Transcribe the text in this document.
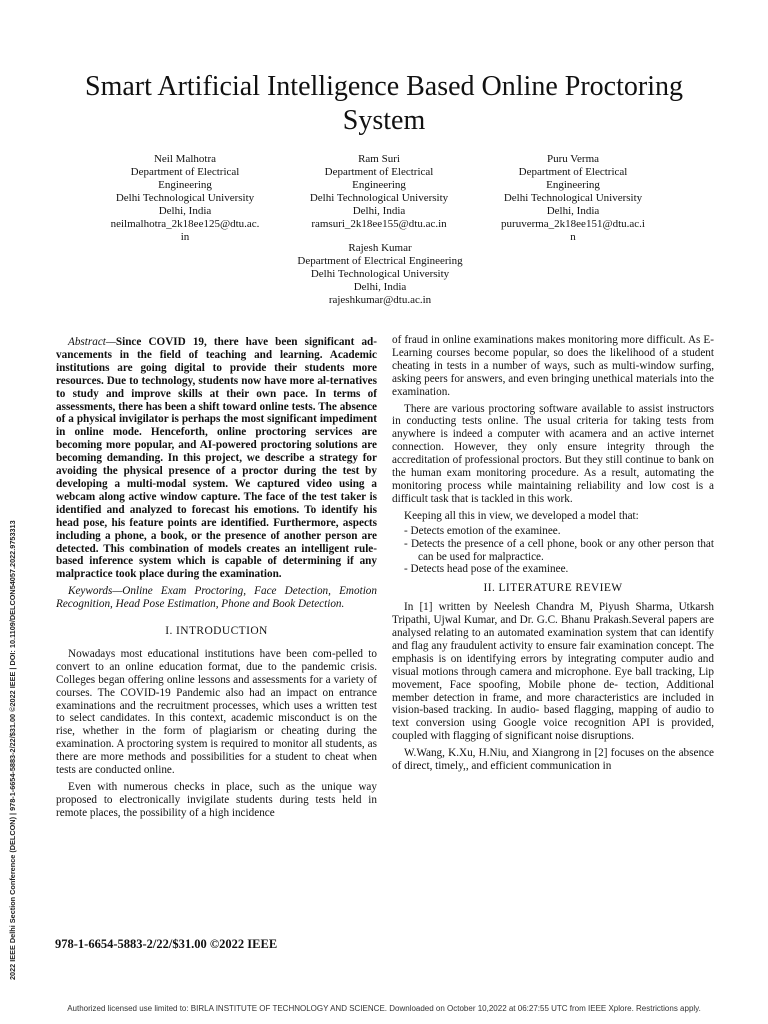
Smart Artificial Intelligence Based Online Proctoring System
Neil Malhotra
Department of Electrical
Engineering
Delhi Technological University
Delhi, India
neilmalhotra_2k18ee125@dtu.ac.
in
Ram Suri
Department of Electrical
Engineering
Delhi Technological University
Delhi, India
ramsuri_2k18ee155@dtu.ac.in
Puru Verma
Department of Electrical
Engineering
Delhi Technological University
Delhi, India
puruverma_2k18ee151@dtu.ac.i
n
Rajesh Kumar
Department of Electrical Engineering
Delhi Technological University
Delhi, India
rajeshkumar@dtu.ac.in

Abstract—Since COVID 19, there have been significant ad-vancements in the field of teaching and learning. Academic institutions are going digital to provide their students more resources. Due to technology, students now have more al-ternatives to study and improve skills at their own pace. In terms of assessments, there has been a shift toward online tests. The absence of a physical invigilator is perhaps the most significant impediment in online mode. Henceforth, online proctoring services are becoming more popular, and AI-powered proctoring solutions are becoming demanding. In this project, we describe a strategy for avoiding the physical presence of a proctor during the test by developing a multi-modal system. We captured video using a webcam along active window capture. The face of the test taker is identified and analyzed to forecast his emotions. To identify his head pose, his feature points are identified. Furthermore, aspects including a phone, a book, or the presence of another person are detected. This combination of models creates an intelligent rule-based inference system which is capable of determining if any malpractice took place during the examination.

Keywords—Online Exam Proctoring, Face Detection, Emotion Recognition, Head Pose Estimation, Phone and Book Detection.

I. INTRODUCTION

Nowadays most educational institutions have been com-pelled to convert to an online education format, due to the pandemic crisis. Colleges began offering online lessons and assessments for a variety of courses. The COVID-19 Pandemic also had an impact on entrance examinations and the recruitment processes, which uses a written test to select candidates. In this context, academic misconduct is on the rise, whether in the form of plagiarism or cheating during the examination. A proctoring system is required to monitor all students, as there are more methods and possibilities for a student to cheat when tests are conducted online.

Even with numerous checks in place, such as the unique way proposed to electronically invigilate students during tests held in remote places, the possibility of a high incidence

of fraud in online examinations makes monitoring more difficult. As E-Learning courses become popular, so does the likelihood of a student cheating in tests in a number of ways, such as multi-window surfing, asking peers for answers, and even bringing unethical materials into the examination.

There are various proctoring software available to assist instructors in conducting tests online. The usual criteria for taking tests from anywhere is indeed a computer with acamera and an active internet connection. However, they only ensure integrity through the accreditation of professional proctors. But they still continue to bank on the human exam monitoring procedure. As a result, automating the monitoring process while maintaining reliability and low cost is a difficult task that is tackled in this work.

Keeping all this in view, we developed a model that:

- Detects emotion of the examinee.
- Detects the presence of a cell phone, book or any other person that can be used for malpractice.
- Detects head pose of the examinee.

II. LITERATURE REVIEW

In [1] written by Neelesh Chandra M, Piyush Sharma, Utkarsh Tripathi, Ujwal Kumar, and Dr. G.C. Bhanu Prakash.Several papers are analysed relating to an automated examination system that can identify and flag any fraudulent activity to ensure fair examination concept. The emphasis is on identifying errors by integrating computer audio and visual motions through camera and microphone. Eye ball tracking, Lip movement, Face spoofing, Mobile phone de- tection, Additional member detection in frame, and more characteristics are included in vision-based tracking. In audio- based flagging, mapping of audio to text conversion using Google voice recognition API is provided, coupled with flagging of significant noise disruptions.

W.Wang, K.Xu, H.Niu, and Xiangrong in [2] focuses on the absence of direct, timely,, and efficient communication in

2022 IEEE Delhi Section Conference (DELCON) | 978-1-6654-5883-2/22/$31.00 ©2022 IEEE | DOI: 10.1109/DELCON54057.2022.9753313	978-1-6654-5883-2/22/$31.00 ©2022 IEEE
Authorized licensed use limited to: BIRLA INSTITUTE OF TECHNOLOGY AND SCIENCE. Downloaded on October 10,2022 at 06:27:55 UTC from IEEE Xplore. Restrictions apply.
